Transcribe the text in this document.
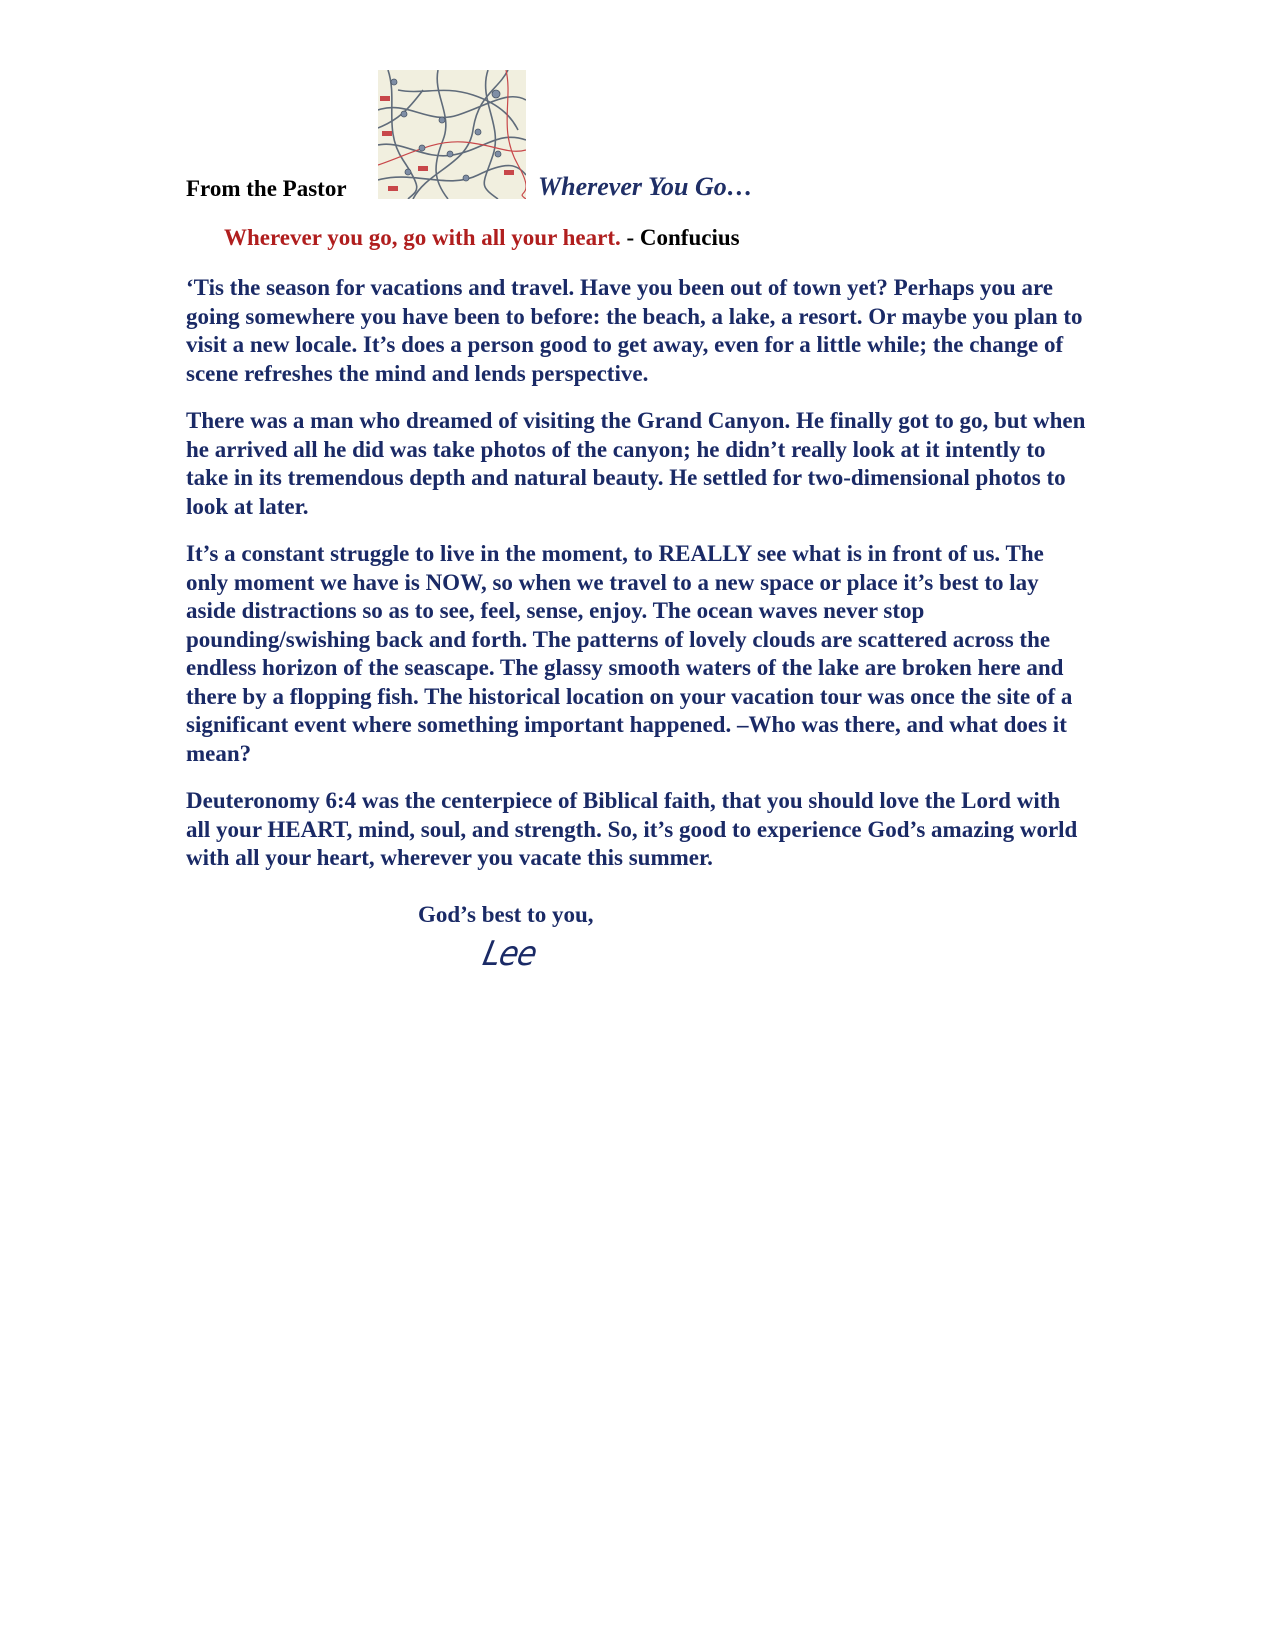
From the Pastor	Wherever You Go…
Wherever you go, go with all your heart. - Confucius

‘Tis the season for vacations and travel. Have you been out of town yet? Perhaps you are going somewhere you have been to before: the beach, a lake, a resort. Or maybe you plan to visit a new locale. It’s does a person good to get away, even for a little while; the change of scene refreshes the mind and lends perspective.

There was a man who dreamed of visiting the Grand Canyon. He finally got to go, but when he arrived all he did was take photos of the canyon; he didn’t really look at it intently to take in its tremendous depth and natural beauty. He settled for two-dimensional photos to look at later.

It’s a constant struggle to live in the moment, to REALLY see what is in front of us. The only moment we have is NOW, so when we travel to a new space or place it’s best to lay aside distractions so as to see, feel, sense, enjoy. The ocean waves never stop pounding/swishing back and forth. The patterns of lovely clouds are scattered across the endless horizon of the seascape. The glassy smooth waters of the lake are broken here and there by a flopping fish. The historical location on your vacation tour was once the site of a significant event where something important happened. –Who was there, and what does it mean?

Deuteronomy 6:4 was the centerpiece of Biblical faith, that you should love the Lord with all your HEART, mind, soul, and strength. So, it’s good to experience God’s amazing world with all your heart, wherever you vacate this summer.

God’s best to you,
Lee
